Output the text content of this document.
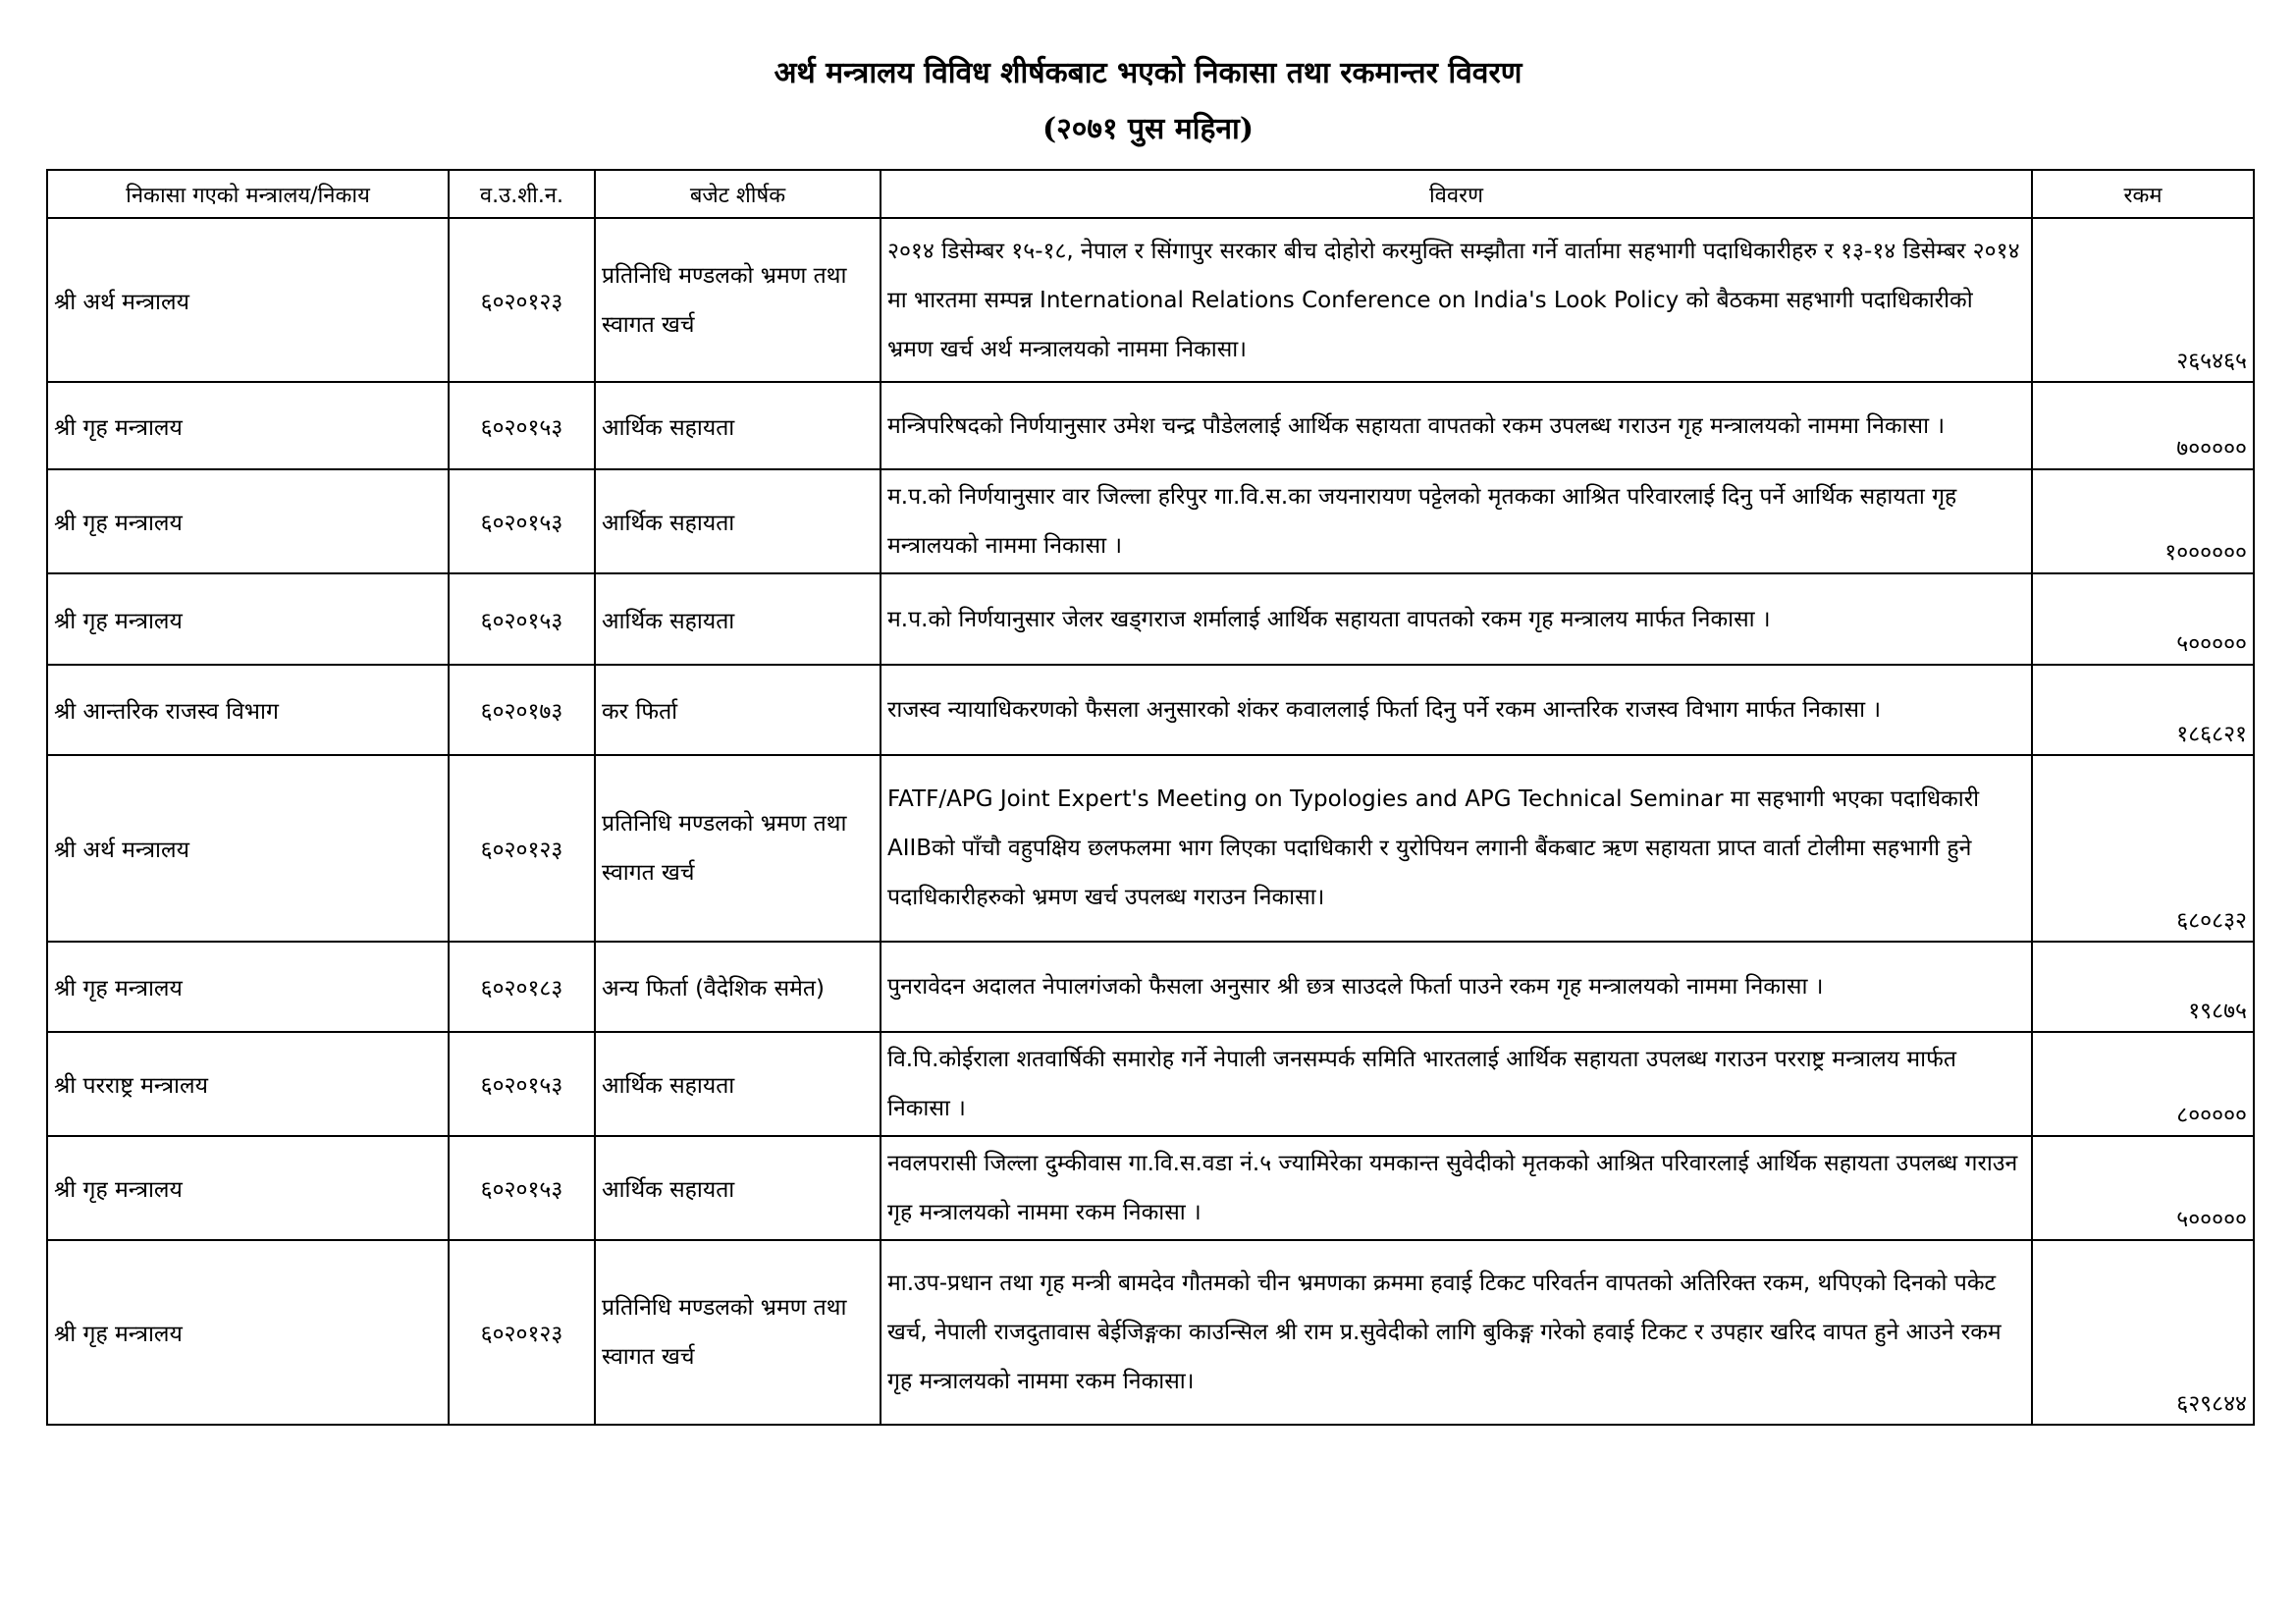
अर्थ मन्त्रालय विविध शीर्षकबाट भएको निकासा तथा रकमान्तर विवरण
(२०७१ पुस महिना)
निकासा गएको मन्त्रालय/निकाय	व.उ.शी.न.	बजेट शीर्षक	विवरण	रकम
श्री अर्थ मन्त्रालय	६०२०१२३	प्रतिनिधि मण्डलको भ्रमण तथा स्वागत खर्च	२०१४ डिसेम्बर १५-१८, नेपाल र सिंगापुर सरकार बीच दोहोरो करमुक्ति सम्झौता गर्ने वार्तामा सहभागी पदाधिकारीहरु र १३-१४ डिसेम्बर २०१४ मा भारतमा सम्पन्न International Relations Conference on India's Look Policy को बैठकमा सहभागी पदाधिकारीको भ्रमण खर्च अर्थ मन्त्रालयको नाममा निकासा।	२६५४६५
श्री गृह मन्त्रालय	६०२०१५३	आर्थिक सहायता	मन्त्रिपरिषदको निर्णयानुसार उमेश चन्द्र पौडेललाई आर्थिक सहायता वापतको रकम उपलब्ध गराउन गृह मन्त्रालयको नाममा निकासा ।	७०००००
श्री गृह मन्त्रालय	६०२०१५३	आर्थिक सहायता	म.प.को निर्णयानुसार वार जिल्ला हरिपुर गा.वि.स.का जयनारायण पट्टेलको मृतकका आश्रित परिवारलाई दिनु पर्ने आर्थिक सहायता गृह मन्त्रालयको नाममा निकासा ।	१००००००
श्री गृह मन्त्रालय	६०२०१५३	आर्थिक सहायता	म.प.को निर्णयानुसार जेलर खड्गराज शर्मालाई आर्थिक सहायता वापतको रकम गृह मन्त्रालय मार्फत निकासा ।	५०००००
श्री आन्तरिक राजस्व विभाग	६०२०१७३	कर फिर्ता	राजस्व न्यायाधिकरणको फैसला अनुसारको शंकर कवाललाई फिर्ता दिनु पर्ने रकम आन्तरिक राजस्व विभाग मार्फत निकासा ।	१८६८२१
श्री अर्थ मन्त्रालय	६०२०१२३	प्रतिनिधि मण्डलको भ्रमण तथा स्वागत खर्च	FATF/APG Joint Expert's Meeting on Typologies and APG Technical Seminar मा सहभागी भएका पदाधिकारी AIIBको पाँचौ वहुपक्षिय छलफलमा भाग लिएका पदाधिकारी र युरोपियन लगानी बैंकबाट ऋण सहायता प्राप्त वार्ता टोलीमा सहभागी हुने पदाधिकारीहरुको भ्रमण खर्च उपलब्ध गराउन निकासा।	६८०८३२
श्री गृह मन्त्रालय	६०२०१८३	अन्य फिर्ता (वैदेशिक समेत)	पुनरावेदन अदालत नेपालगंजको फैसला अनुसार श्री छत्र साउदले फिर्ता पाउने रकम गृह मन्त्रालयको नाममा निकासा ।	१९८७५
श्री परराष्ट्र मन्त्रालय	६०२०१५३	आर्थिक सहायता	वि.पि.कोईराला शतवार्षिकी समारोह गर्ने नेपाली जनसम्पर्क समिति भारतलाई आर्थिक सहायता उपलब्ध गराउन परराष्ट्र मन्त्रालय मार्फत निकासा ।	८०००००
श्री गृह मन्त्रालय	६०२०१५३	आर्थिक सहायता	नवलपरासी जिल्ला दुम्कीवास गा.वि.स.वडा नं.५ ज्यामिरेका यमकान्त सुवेदीको मृतकको आश्रित परिवारलाई आर्थिक सहायता उपलब्ध गराउन गृह मन्त्रालयको नाममा रकम निकासा ।	५०००००
श्री गृह मन्त्रालय	६०२०१२३	प्रतिनिधि मण्डलको भ्रमण तथा स्वागत खर्च	मा.उप-प्रधान तथा गृह मन्त्री बामदेव गौतमको चीन भ्रमणका क्रममा हवाई टिकट परिवर्तन वापतको अतिरिक्त रकम, थपिएको दिनको पकेट खर्च, नेपाली राजदुतावास बेईजिङ्गका काउन्सिल श्री राम प्र.सुवेदीको लागि बुकिङ्ग गरेको हवाई टिकट र उपहार खरिद वापत हुने आउने रकम गृह मन्त्रालयको नाममा रकम निकासा।	६२९८४४
